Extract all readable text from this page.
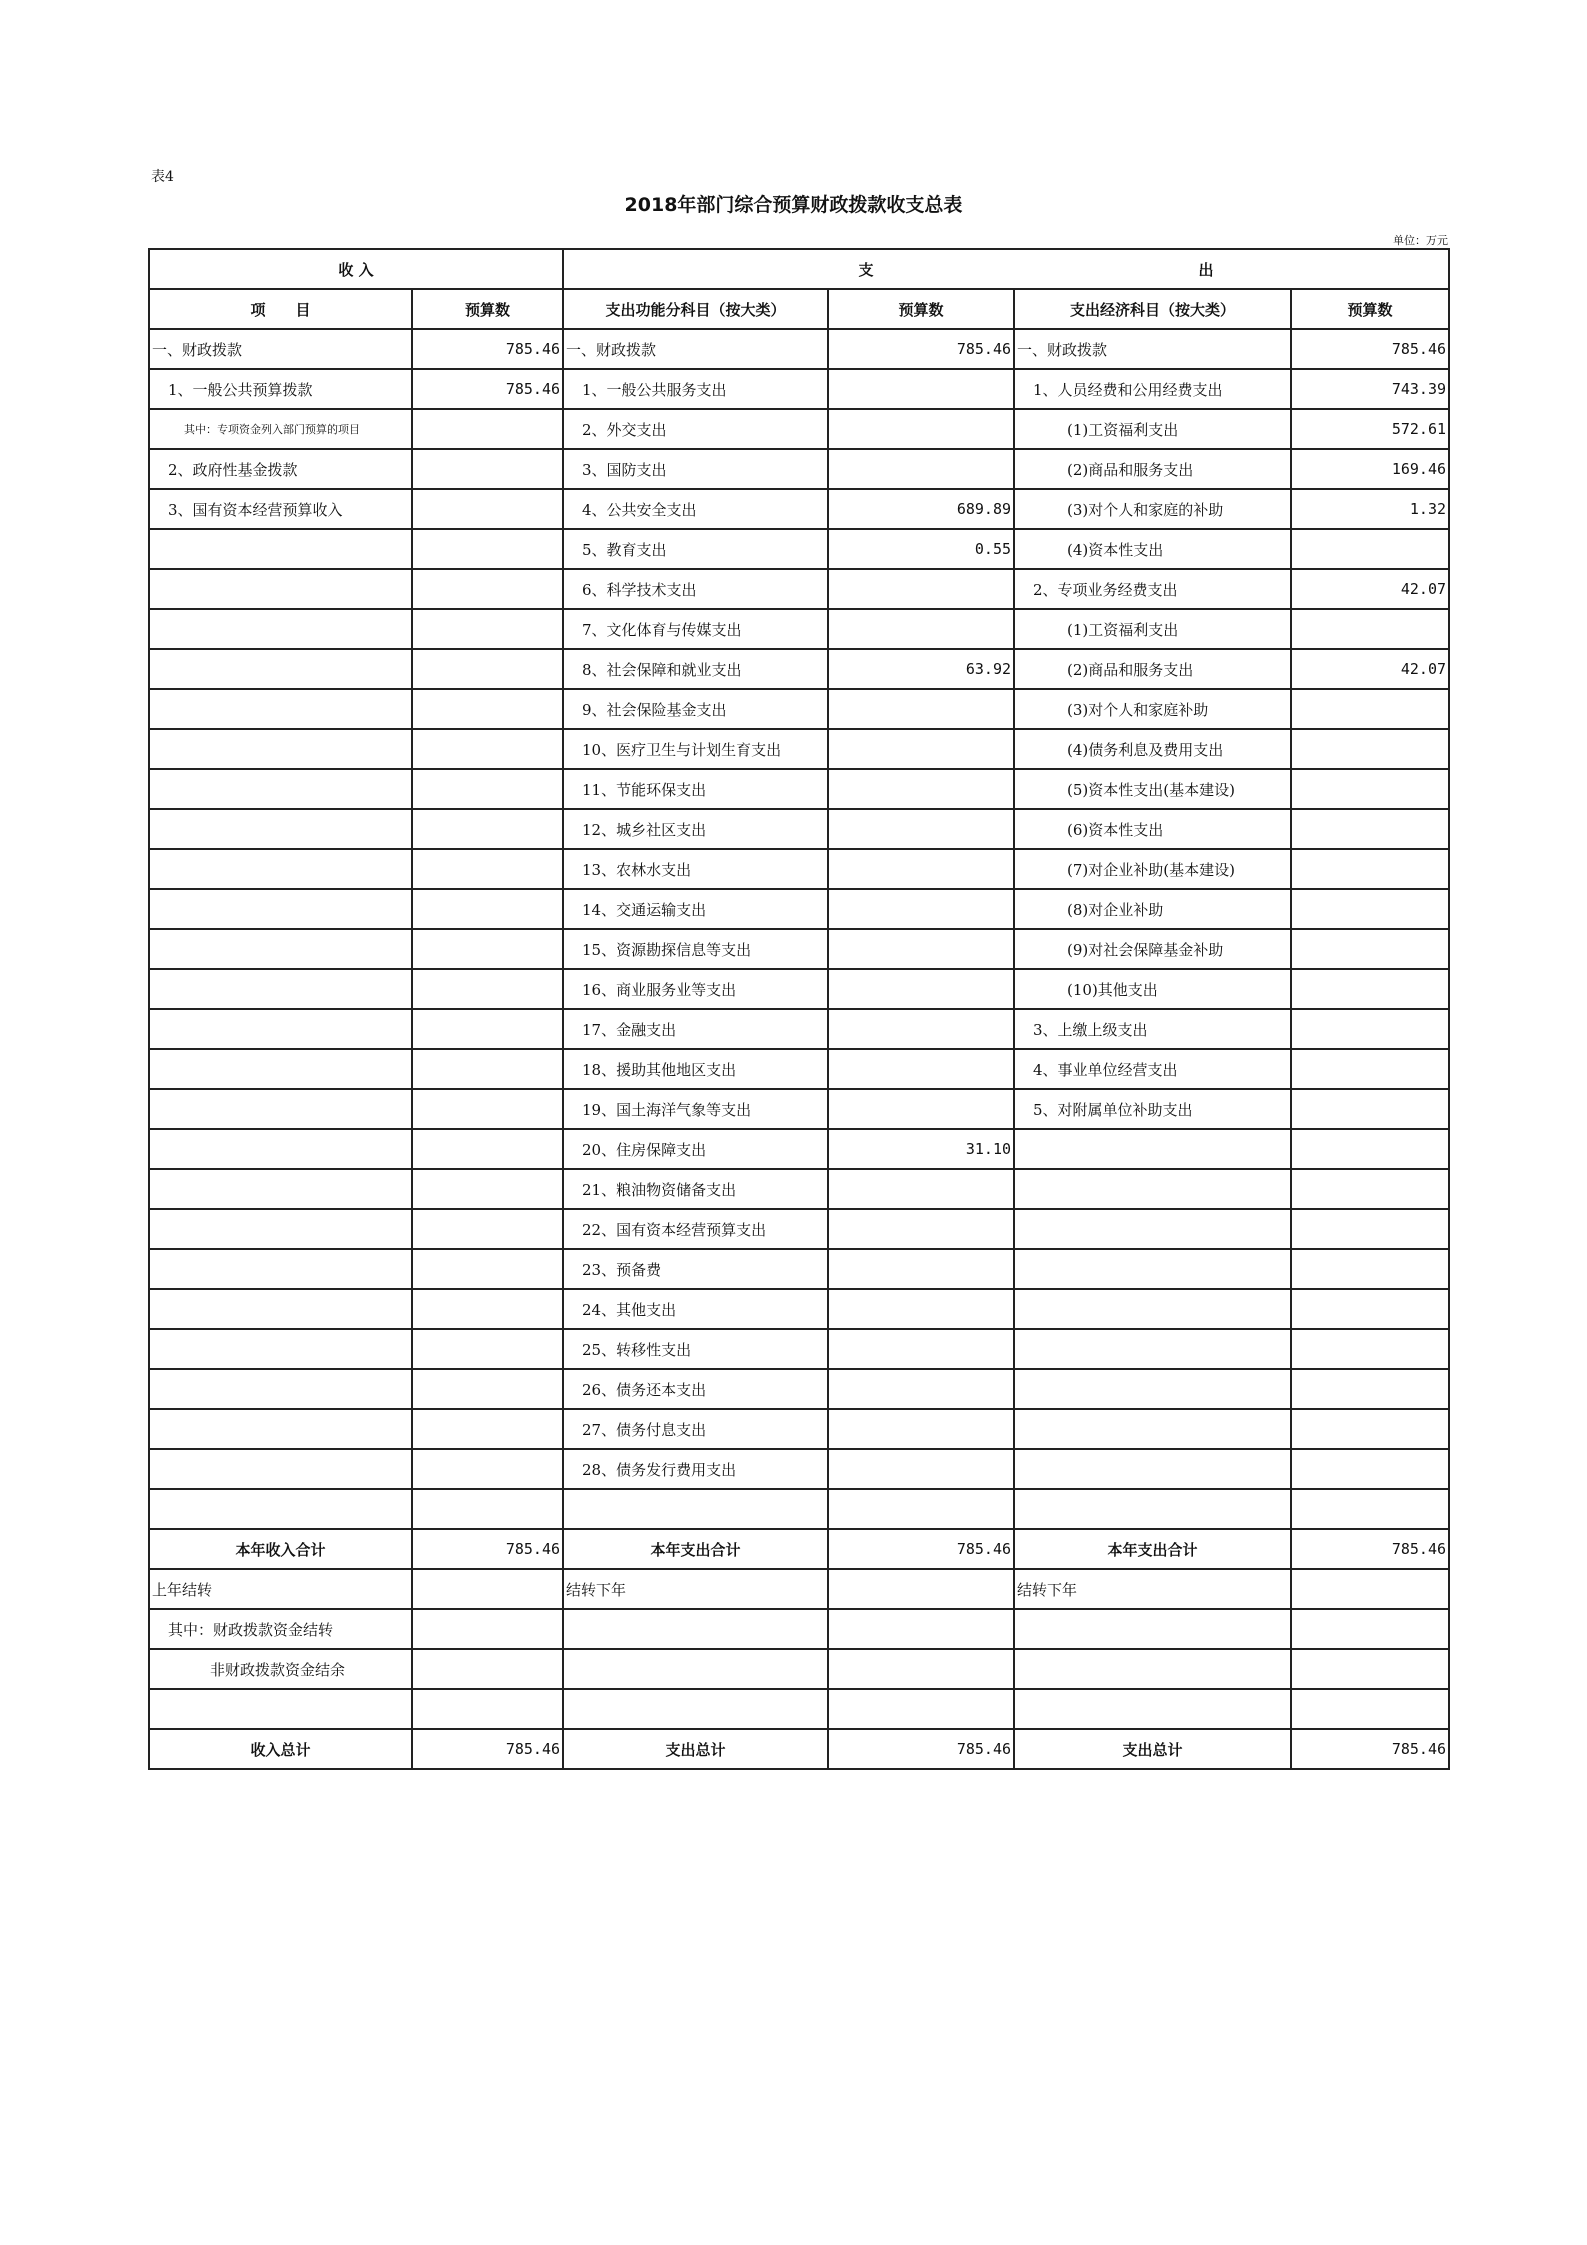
表4
2018年部门综合预算财政拨款收支总表
单位：万元
收 入		支 出			
项　　目	预算数	支出功能分科目（按大类）	预算数	支出经济科目（按大类）	预算数
一、财政拨款	785.46	一、财政拨款	785.46	一、财政拨款	785.46
1、一般公共预算拨款	785.46	1、一般公共服务支出		1、人员经费和公用经费支出	743.39
其中：专项资金列入部门预算的项目		2、外交支出		(1)工资福利支出	572.61
2、政府性基金拨款		3、国防支出		(2)商品和服务支出	169.46
3、国有资本经营预算收入		4、公共安全支出	689.89	(3)对个人和家庭的补助	1.32
		5、教育支出	0.55	(4)资本性支出	
		6、科学技术支出		2、专项业务经费支出	42.07
		7、文化体育与传媒支出		(1)工资福利支出	
		8、社会保障和就业支出	63.92	(2)商品和服务支出	42.07
		9、社会保险基金支出		(3)对个人和家庭补助	
		10、医疗卫生与计划生育支出		(4)债务利息及费用支出	
		11、节能环保支出		(5)资本性支出(基本建设)	
		12、城乡社区支出		(6)资本性支出	
		13、农林水支出		(7)对企业补助(基本建设)	
		14、交通运输支出		(8)对企业补助	
		15、资源勘探信息等支出		(9)对社会保障基金补助	
		16、商业服务业等支出		(10)其他支出	
		17、金融支出		3、上缴上级支出	
		18、援助其他地区支出		4、事业单位经营支出	
		19、国土海洋气象等支出		5、对附属单位补助支出	
		20、住房保障支出	31.10		
		21、粮油物资储备支出			
		22、国有资本经营预算支出			
		23、预备费			
		24、其他支出			
		25、转移性支出			
		26、债务还本支出			
		27、债务付息支出			
		28、债务发行费用支出			

本年收入合计	785.46	本年支出合计	785.46	本年支出合计	785.46
上年结转		结转下年		结转下年	
其中：财政拨款资金结转					
非财政拨款资金结余					

收入总计	785.46	支出总计	785.46	支出总计	785.46
